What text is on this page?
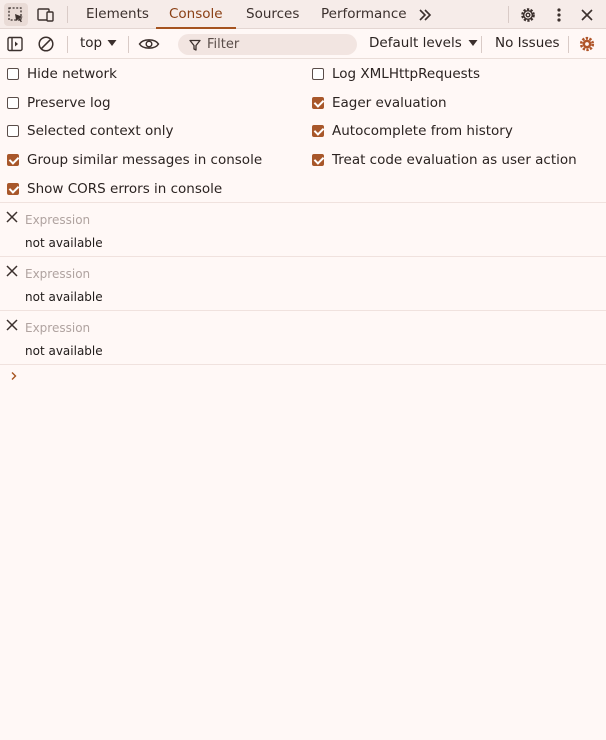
Elements	Console	Sources	Performance
top	Default levels No Issues
Filter
Hide network
Preserve log
Selected context only
Group similar messages in console
Show CORS errors in console
Log XMLHttpRequests
Eager evaluation
Autocomplete from history
Treat code evaluation as user action
Expression
not available
Expression
not available
Expression
not available
